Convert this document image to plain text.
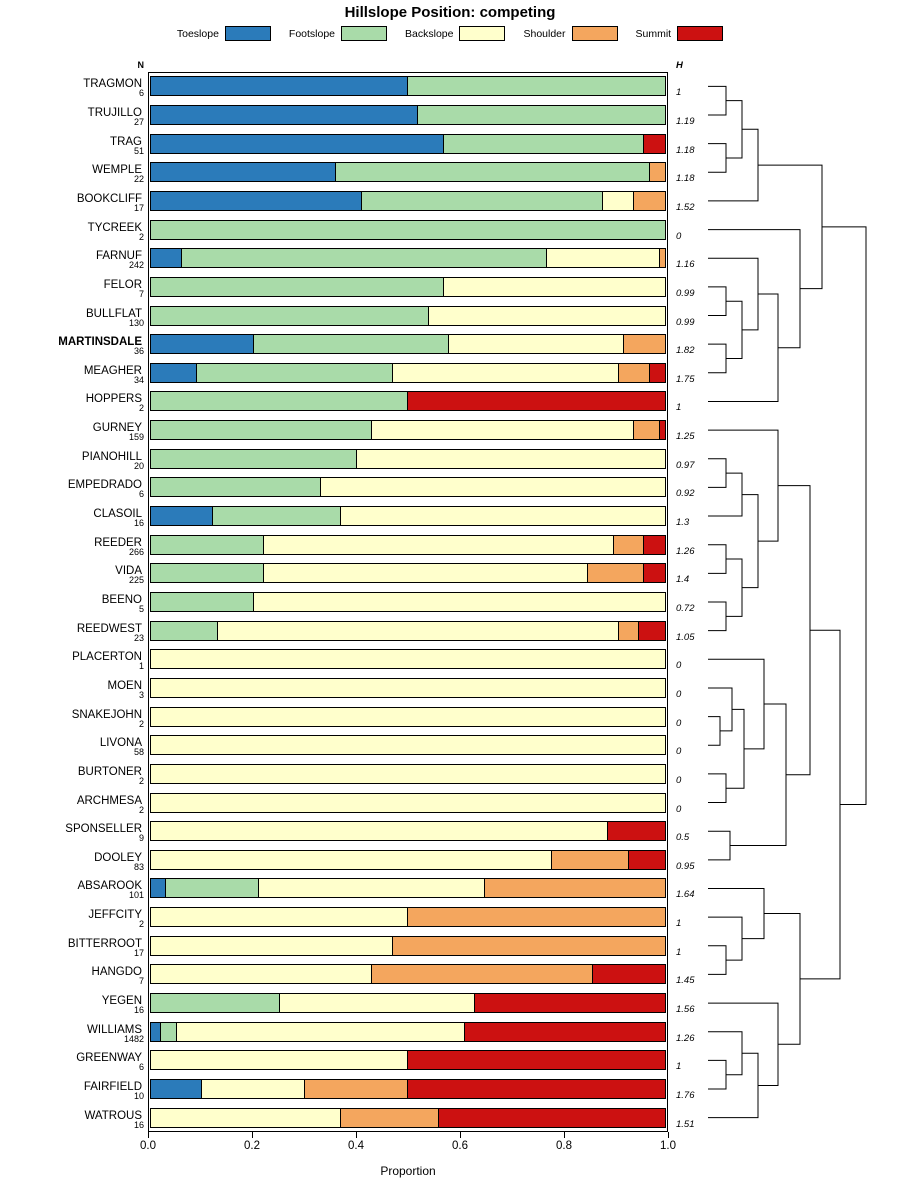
Hillslope Position: competing
Toeslope	Footslope	Backslope	Shoulder	Summit
N	H
TRAGMON
6	1
TRUJILLO
27	1.19
TRAG
51	1.18
WEMPLE
22	1.18
BOOKCLIFF
17	1.52
TYCREEK
2	0
FARNUF
242	1.16
FELOR
7	0.99
BULLFLAT
130	0.99
MARTINSDALE
36	1.82
MEAGHER
34	1.75
HOPPERS
2	1
GURNEY
159	1.25
PIANOHILL
20	0.97
EMPEDRADO
6	0.92
CLASOIL
16	1.3
REEDER
266	1.26
VIDA
225	1.4
BEENO
5	0.72
REEDWEST
23	1.05
PLACERTON
1	0
MOEN
3	0
SNAKEJOHN
2	0
LIVONA
58	0
BURTONER
2	0
ARCHMESA
2	0
SPONSELLER
9	0.5
DOOLEY
83	0.95
ABSAROOK
101	1.64
JEFFCITY
2	1
BITTERROOT
17	1
HANGDO
7	1.45
YEGEN
16	1.56
WILLIAMS
1482	1.26
GREENWAY
6	1
FAIRFIELD
10	1.76
WATROUS
16	1.51
0.0	0.2	0.4	0.6	0.8	1.0
Proportion
